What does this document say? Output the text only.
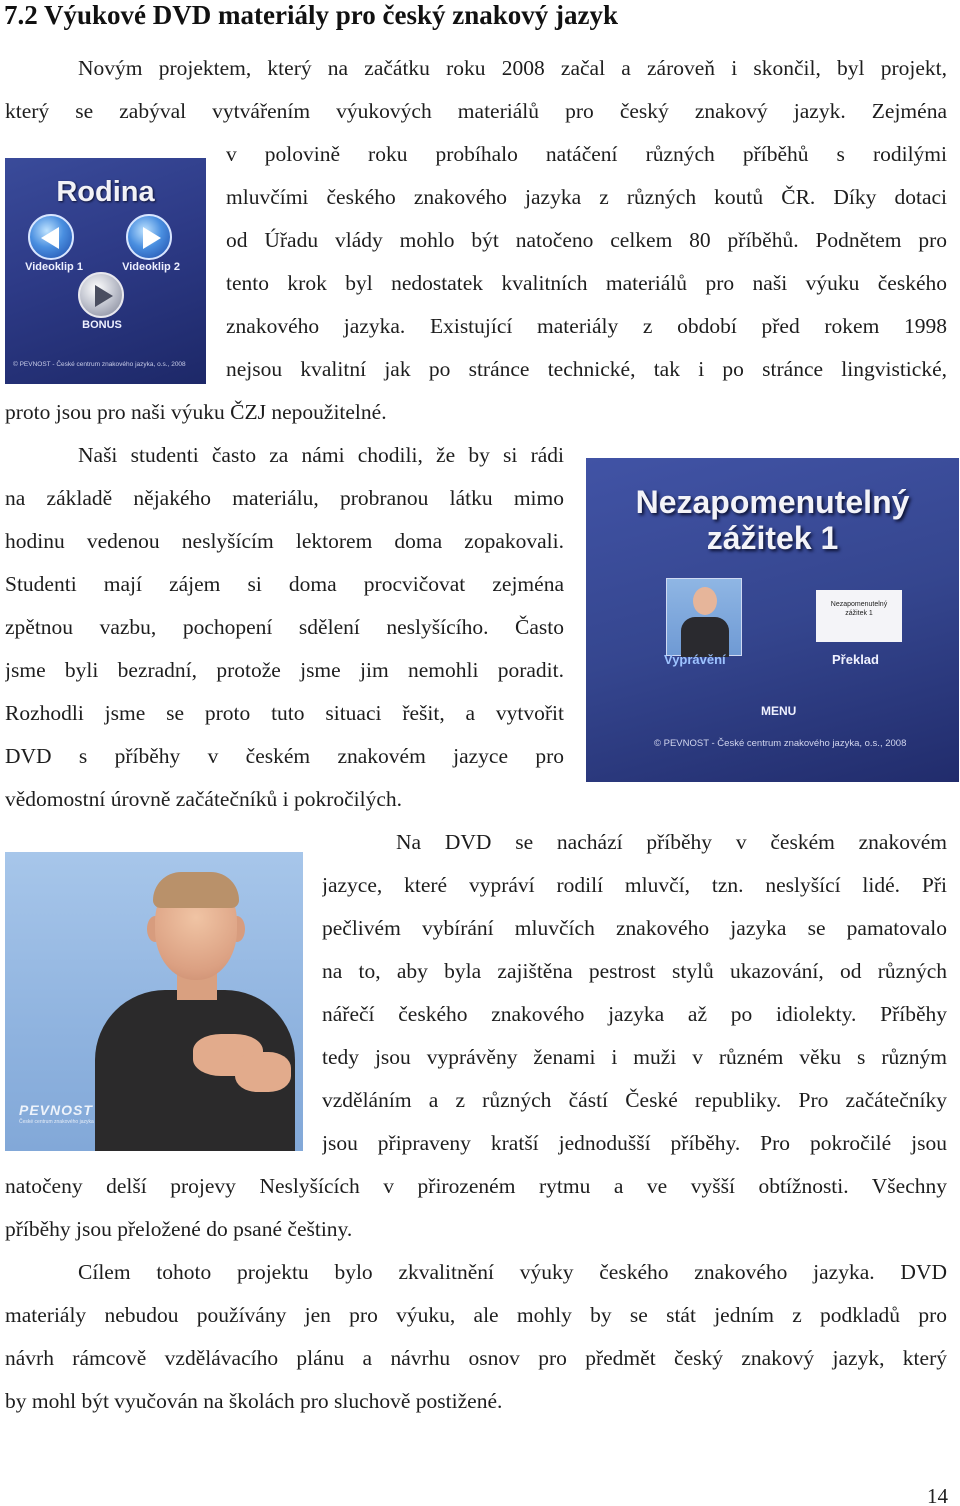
7.2 Výukové DVD materiály pro český znakový jazyk
Novým projektem, který na začátku roku 2008 začal a zároveň i skončil, byl projekt,
který se zabýval vytvářením výukových materiálů pro český znakový jazyk. Zejména
v polovině roku probíhalo natáčení různých příběhů s rodilými
mluvčími českého znakového jazyka z různých koutů ČR. Díky dotaci
od Úřadu vlády mohlo být natočeno celkem 80 příběhů. Podnětem pro
tento krok byl nedostatek kvalitních materiálů pro naši výuku českého
znakového jazyka. Existující materiály z období před rokem 1998
nejsou kvalitní jak po stránce technické, tak i po stránce lingvistické,
proto jsou pro naši výuku ČZJ nepoužitelné.
Naši studenti často za námi chodili, že by si rádi
na základě nějakého materiálu, probranou látku mimo
hodinu vedenou neslyšícím lektorem doma zopakovali.
Studenti mají zájem si doma procvičovat zejména
zpětnou vazbu, pochopení sdělení neslyšícího. Často
jsme byli bezradní, protože jsme jim nemohli poradit.
Rozhodli jsme se proto tuto situaci řešit, a vytvořit
DVD s příběhy v českém znakovém jazyce pro
vědomostní úrovně začátečníků i pokročilých.
Na DVD se nachází příběhy v českém znakovém
jazyce, které vypráví rodilí mluvčí, tzn. neslyšící lidé. Při
pečlivém vybírání mluvčích znakového jazyka se pamatovalo
na to, aby byla zajištěna pestrost stylů ukazování, od různých
nářečí českého znakového jazyka až po idiolekty. Příběhy
tedy jsou vyprávěny ženami i muži v různém věku s různým
vzděláním a z různých částí České republiky. Pro začátečníky
jsou připraveny kratší jednodušší příběhy. Pro pokročilé jsou
natočeny delší projevy Neslyšících v přirozeném rytmu a ve vyšší obtížnosti. Všechny
příběhy jsou přeložené do psané češtiny.
Cílem tohoto projektu bylo zkvalitnění výuky českého znakového jazyka. DVD
materiály nebudou používány jen pro výuku, ale mohly by se stát jedním z podkladů pro
návrh rámcově vzdělávacího plánu a návrhu osnov pro předmět český znakový jazyk, který
by mohl být vyučován na školách pro sluchově postižené.
Rodina
Videoklip 1	Videoklip 2
BONUS
© PEVNOST - České centrum znakového jazyka, o.s., 2008
Nezapomenutelný
zážitek 1
Nezapomenutelný
zážitek 1
Vyprávění	Překlad
MENU
© PEVNOST - České centrum znakového jazyka, o.s., 2008
PEVNOST
České centrum znakového jazyka
14
